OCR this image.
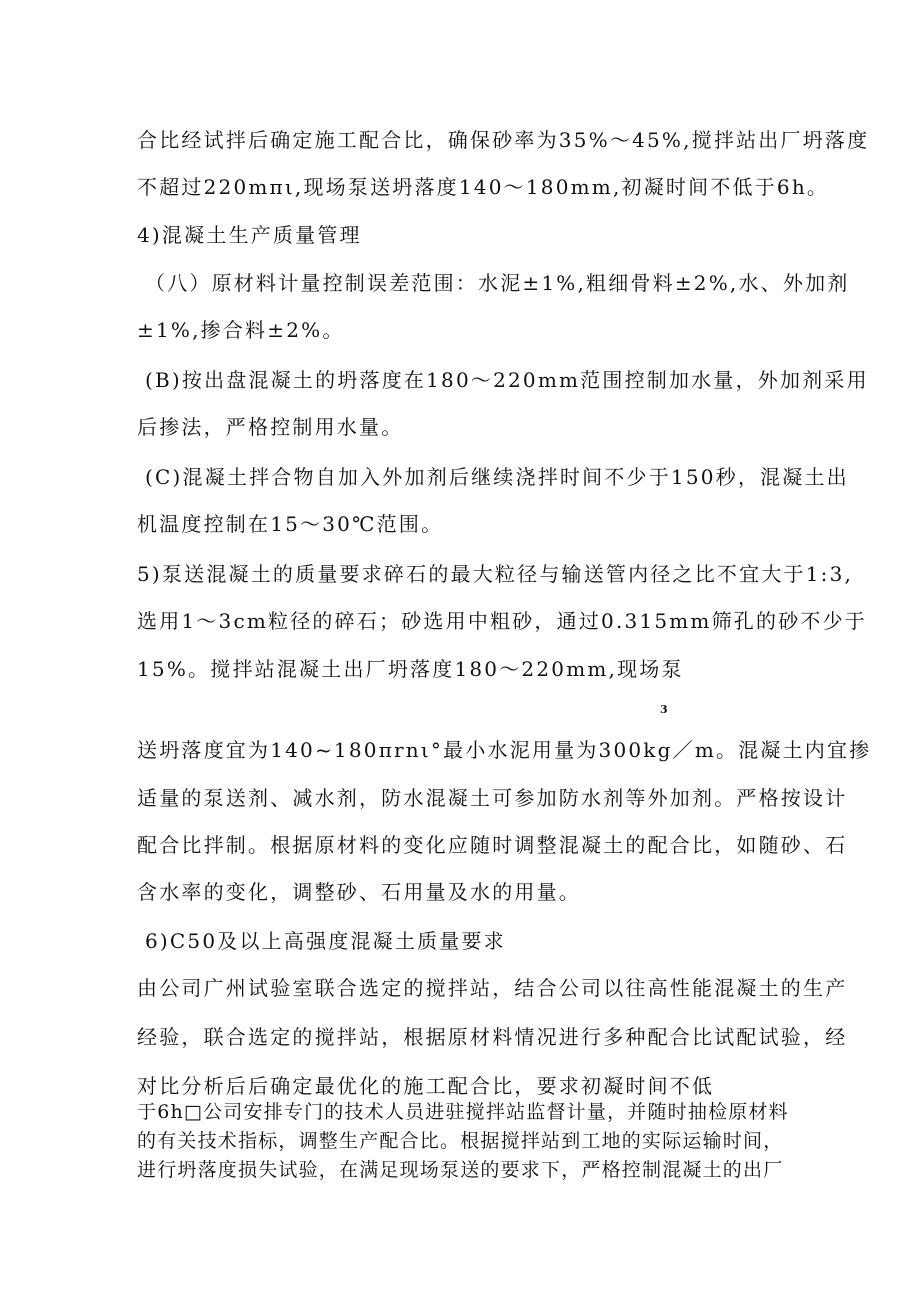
合比经试拌后确定施工配合比，确保砂率为35%～45%,搅拌站出厂坍落度
不超过220mπι,现场泵送坍落度140～180mm,初凝时间不低于6h。
4)混凝土生产质量管理
（八）原材料计量控制误差范围：水泥±1%,粗细骨料±2%,水、外加剂
±1%,掺合料±2%。
(B)按出盘混凝土的坍落度在180～220mm范围控制加水量，外加剂采用
后掺法，严格控制用水量。
(C)混凝土拌合物自加入外加剂后继续浇拌时间不少于150秒，混凝土出
机温度控制在15～30℃范围。
5)泵送混凝土的质量要求碎石的最大粒径与输送管内径之比不宜大于1:3,
选用1～3cm粒径的碎石；砂选用中粗砂，通过0.315mm筛孔的砂不少于
15%。搅拌站混凝土出厂坍落度180～220mm,现场泵
3
送坍落度宜为140~180πrnι°最小水泥用量为300kg／m。混凝土内宜掺
适量的泵送剂、减水剂，防水混凝土可参加防水剂等外加剂。严格按设计
配合比拌制。根据原材料的变化应随时调整混凝土的配合比，如随砂、石
含水率的变化，调整砂、石用量及水的用量。
6)C50及以上高强度混凝土质量要求
由公司广州试验室联合选定的搅拌站，结合公司以往高性能混凝土的生产
经验，联合选定的搅拌站，根据原材料情况进行多种配合比试配试验，经
对比分析后后确定最优化的施工配合比，要求初凝时间不低
于6h□公司安排专门的技术人员进驻搅拌站监督计量，并随时抽检原材料
的有关技术指标，调整生产配合比。根据搅拌站到工地的实际运输时间，
进行坍落度损失试验，在满足现场泵送的要求下，严格控制混凝土的出厂
